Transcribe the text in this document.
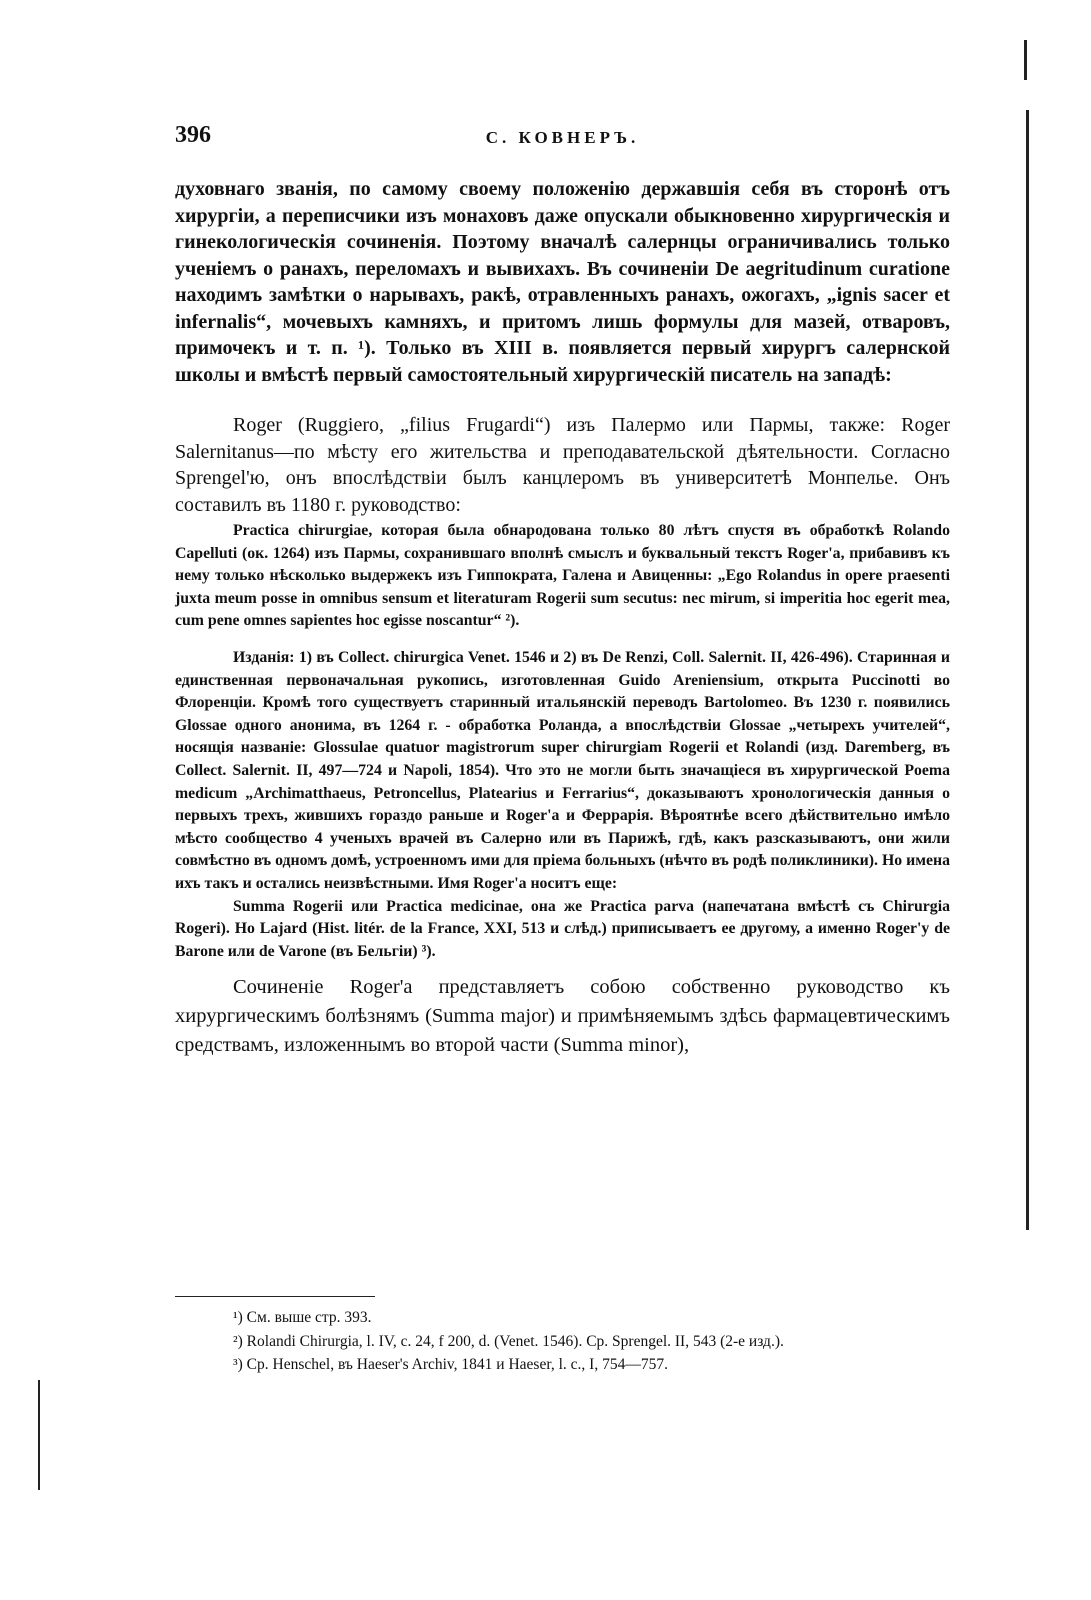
396	С. КОВНЕРЪ.

духовнаго званія, по самому своему положенію державшія себя въ сторонѣ отъ хирургіи, а переписчики изъ монаховъ даже опускали обыкновенно хирургическія и гинекологическія сочиненія. Поэтому вначалѣ салернцы ограничивались только ученіемъ о ранахъ, переломахъ и вывихахъ. Въ сочиненіи De aegritudinum curatione находимъ замѣтки о нарывахъ, ракѣ, отравленныхъ ранахъ, ожогахъ, „ignis sacer et infernalis“, мочевыхъ камняхъ, и притомъ лишь формулы для мазей, отваровъ, примочекъ и т. п. ¹). Только въ XIII в. появляется первый хирургъ салернской школы и вмѣстѣ первый самостоятельный хирургическій писатель на западѣ:

Roger (Ruggiero, „filius Frugardi“) изъ Палермо или Пармы, также: Roger Salernitanus—по мѣсту его жительства и преподавательской дѣятельности. Согласно Sprengel'ю, онъ впослѣдствіи былъ канцлеромъ въ университетѣ Монпелье. Онъ составилъ въ 1180 г. руководство:

Practica chirurgiae, которая была обнародована только 80 лѣтъ спустя въ обработкѣ Rolando Capelluti (ок. 1264) изъ Пармы, сохранившаго вполнѣ смыслъ и буквальный текстъ Roger'а, прибавивъ къ нему только нѣсколько выдержекъ изъ Гиппократа, Галена и Авиценны: „Ego Rolandus in opere praesenti juxta meum posse in omnibus sensum et literaturam Rogerii sum secutus: nec mirum, si imperitia hoc egerit mea, cum pene omnes sapientes hoc egisse noscantur“ ²).

Изданія: 1) въ Collect. chirurgica Venet. 1546 и 2) въ De Renzi, Coll. Salernit. II, 426-496). Старинная и единственная первоначальная рукопись, изготовленная Guido Areniensium, открыта Puccinotti во Флоренціи. Кромѣ того существуетъ старинный итальянскій переводъ Bartolomeo. Въ 1230 г. появились Glossae одного анонима, въ 1264 г. - обработка Роланда, а впослѣдствіи Glossae „четырехъ учителей“, носящія названіе: Glossulae quatuor magistrorum super chirurgiam Rogerii et Rolandi (изд. Daremberg, въ Collect. Salernit. II, 497—724 и Napoli, 1854). Что это не могли быть значащіеся въ хирургической Poema medicum „Archimatthaeus, Petroncellus, Platearius и Ferrarius“, доказываютъ хронологическія данныя о первыхъ трехъ, жившихъ гораздо раньше и Roger'а и Феррарія. Вѣроятнѣе всего дѣйствительно имѣло мѣсто сообщество 4 ученыхъ врачей въ Салерно или въ Парижѣ, гдѣ, какъ разсказываютъ, они жили совмѣстно въ одномъ домѣ, устроенномъ ими для пріема больныхъ (нѣчто въ родѣ поликлиники). Но имена ихъ такъ и остались неизвѣстными. Имя Roger'а носитъ еще:

Summa Rogerii или Practica medicinae, она же Practica parva (напечатана вмѣстѣ съ Chirurgia Rogeri). Но Lajard (Hist. litér. de la France, XXI, 513 и слѣд.) приписываетъ ее другому, а именно Roger'у de Barone или de Varone (въ Бельгіи) ³).

Сочиненіе Roger'а представляетъ собою собственно руководство къ хирургическимъ болѣзнямъ (Summa major) и примѣняемымъ здѣсь фармацевтическимъ средствамъ, изложеннымъ во второй части (Summa minor),

¹) См. выше стр. 393.

²) Rolandi Chirurgia, l. IV, c. 24, f 200, d. (Venet. 1546). Cp. Sprengel. II, 543 (2-е изд.).

³) Cp. Henschel, въ Haeser's Archiv, 1841 и Haeser, l. c., I, 754—757.
